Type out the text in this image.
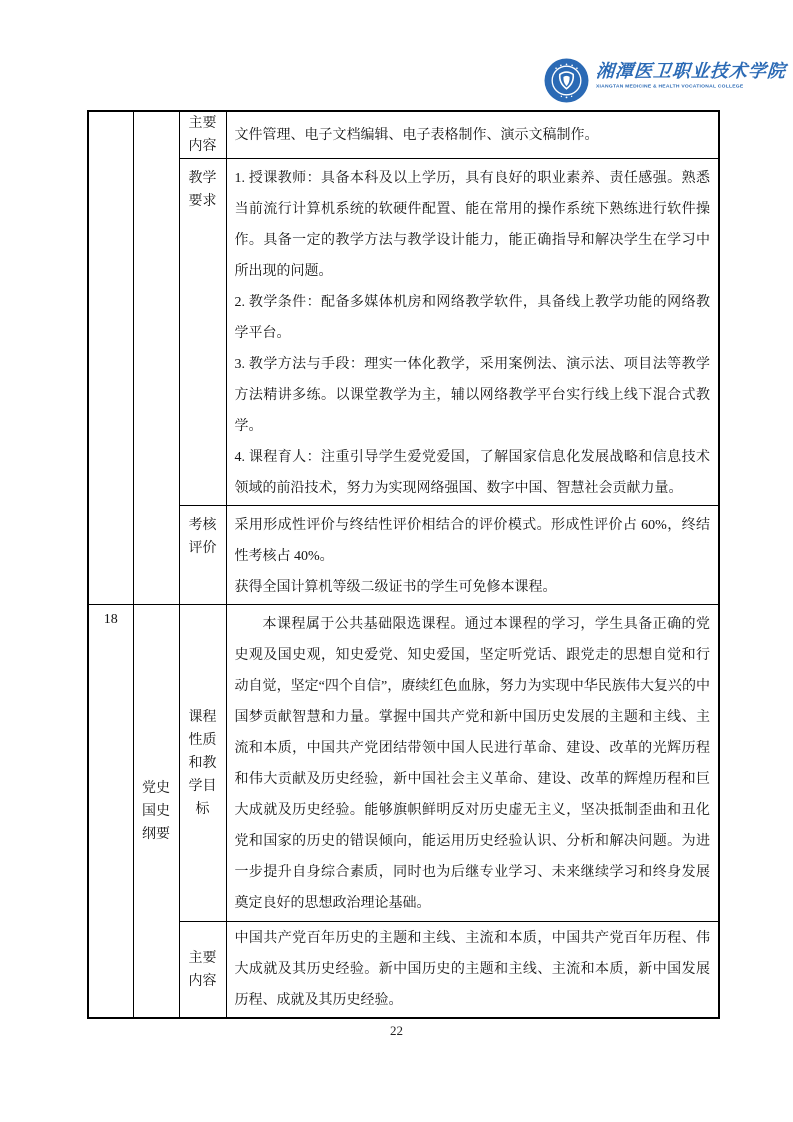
湘潭医卫职业技术学院
XIANGTAN MEDICINE & HEALTH VOCATIONAL COLLEGE
		主要内容	文件管理、电子文档编辑、电子表格制作、演示文稿制作。

		教学要求	1. 授课教师：具备本科及以上学历，具有良好的职业素养、责任感强。熟悉当前流行计算机系统的软硬件配置、能在常用的操作系统下熟练进行软件操作。具备一定的教学方法与教学设计能力，能正确指导和解决学生在学习中所出现的问题。

2. 教学条件：配备多媒体机房和网络教学软件，具备线上教学功能的网络教学平台。

3. 教学方法与手段：理实一体化教学，采用案例法、演示法、项目法等教学方法精讲多练。以课堂教学为主，辅以网络教学平台实行线上线下混合式教学。

4. 课程育人：注重引导学生爱党爱国，了解国家信息化发展战略和信息技术领域的前沿技术，努力为实现网络强国、数字中国、智慧社会贡献力量。

		考核评价	采用形成性评价与终结性评价相结合的评价模式。形成性评价占 60%，终结性考核占 40%。

获得全国计算机等级二级证书的学生可免修本课程。

18	党史国史纲要	课程性质和教学目标	本课程属于公共基础限选课程。通过本课程的学习，学生具备正确的党史观及国史观，知史爱党、知史爱国，坚定听党话、跟党走的思想自觉和行动自觉，坚定“四个自信”，赓续红色血脉，努力为实现中华民族伟大复兴的中国梦贡献智慧和力量。掌握中国共产党和新中国历史发展的主题和主线、主流和本质，中国共产党团结带领中国人民进行革命、建设、改革的光辉历程和伟大贡献及历史经验，新中国社会主义革命、建设、改革的辉煌历程和巨大成就及历史经验。能够旗帜鲜明反对历史虚无主义，坚决抵制歪曲和丑化党和国家的历史的错误倾向，能运用历史经验认识、分析和解决问题。为进一步提升自身综合素质，同时也为后继专业学习、未来继续学习和终身发展奠定良好的思想政治理论基础。

		主要内容	中国共产党百年历史的主题和主线、主流和本质，中国共产党百年历程、伟大成就及其历史经验。新中国历史的主题和主线、主流和本质，新中国发展历程、成就及其历史经验。

22
